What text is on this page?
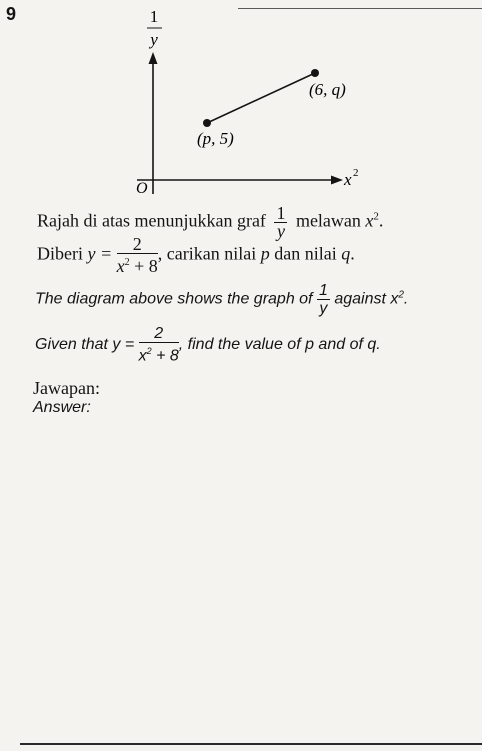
9	1
y
x 2
O
(p, 5)
(6, q)
Rajah di atas menunjukkan graf $\frac{1}{y}$ melawan $x^2$.
Diberi $y = \frac{2}{x^2 + 8}$ , carikan nilai p dan nilai q.
The diagram above shows the graph of $\frac{1}{y}$ against $x^2$.
Given that $y = \frac{2}{x^2 + 8}$ , find the value of p and of q.
Jawapan:
Answer:
